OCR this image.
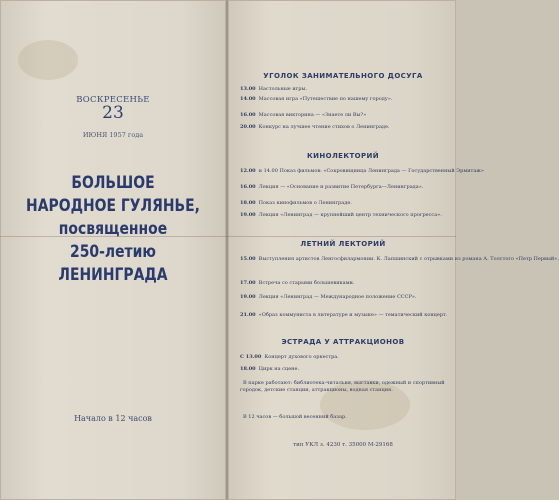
ВОСКРЕСЕНЬЕ
23
ИЮНЯ 1957 года
БОЛЬШОЕ
НАРОДНОЕ ГУЛЯНЬЕ,
посвященное
250-летию ЛЕНИНГРАДА
Начало в 12 часов
УГОЛОК ЗАНИМАТЕЛЬНОГО ДОСУГА
13.00 Настольные игры.
14.00 Массовая игра «Путешествие по нашему городу».
16.00 Массовая викторина — «Знаете ли Вы?»
20.00 Конкурс на лучшее чтение стихов о Ленинграде.
КИНОЛЕКТОРИЙ
12.00 и 14.00 Показ фильмов: «Сокровищница Ленинграда — Государственный Эрмитаж»
16.00 Лекция — «Основание и развитие Петербурга—Ленинграда».
18.00 Показ кинофильмов о Ленинграде.
19.00 Лекция «Ленинград — крупнейший центр технического прогресса».
ЛЕТНИЙ ЛЕКТОРИЙ
15.00 Выступления артистов Ленгосфилармонии. К. Лапшинский с отрывками из романа А. Толстого «Петр Первый».
17.00 Встреча со старыми большевиками.
19.00 Лекция «Ленинград — Международное положение СССР».
21.00 «Образ коммуниста в литературе и музыке» — тематический концерт.
ЭСТРАДА У АТТРАКЦИОНОВ
С 13.00 Концерт духового оркестра.
18.00 Цирк на сцене.
В парке работают: библиотека-читальня, выставки, одежный и спортивный городок, детские станции, аттракционы, водная станция.
В 12 часов — большой весенний базар.
тип УКЛ з. 4230 т. 35000 М-29168
